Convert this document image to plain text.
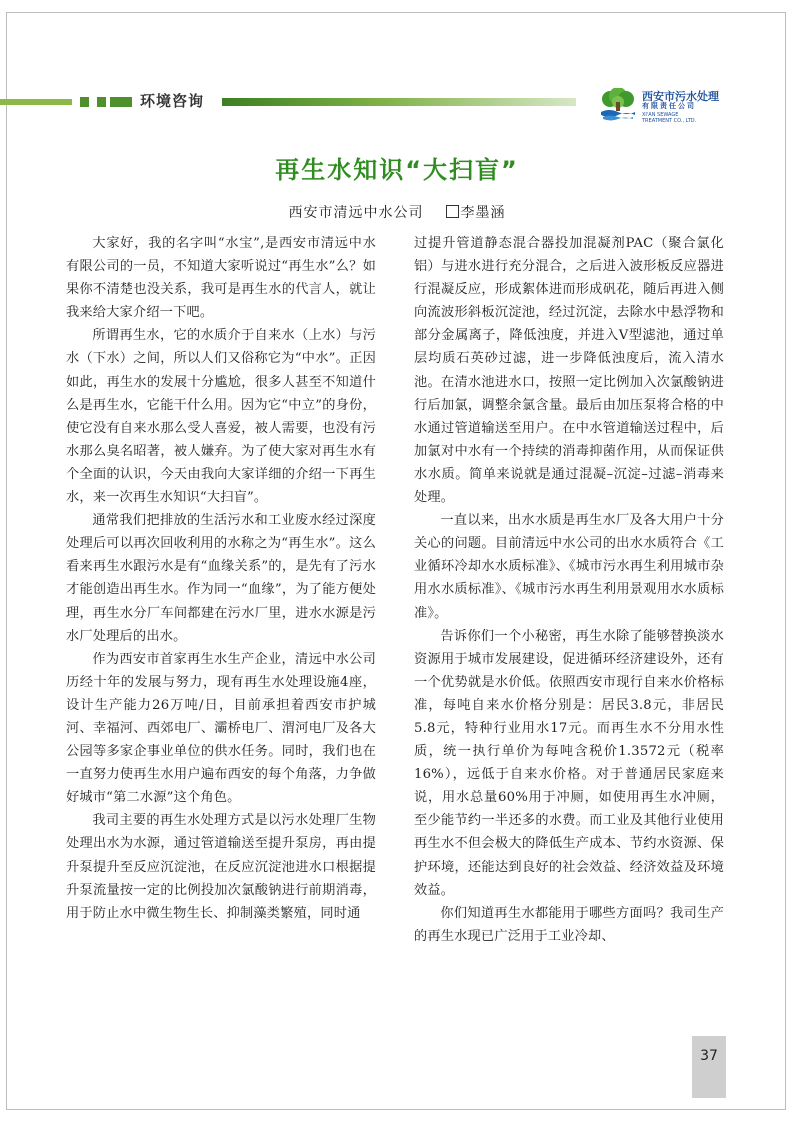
环境咨询	西安市污水处理
有限责任公司
XI'AN SEWAGE
TREATMENT CO., LTD.
再生水知识“大扫盲”
西安市清远中水公司	李墨涵

大家好，我的名字叫“水宝”,是西安市清远中水有限公司的一员，不知道大家听说过“再生水”么？如果你不清楚也没关系，我可是再生水的代言人，就让我来给大家介绍一下吧。

所谓再生水，它的水质介于自来水（上水）与污水（下水）之间，所以人们又俗称它为“中水”。正因如此，再生水的发展十分尴尬，很多人甚至不知道什么是再生水，它能干什么用。因为它“中立”的身份，使它没有自来水那么受人喜爱，被人需要，也没有污水那么臭名昭著，被人嫌弃。为了使大家对再生水有个全面的认识，今天由我向大家详细的介绍一下再生水，来一次再生水知识“大扫盲”。

通常我们把排放的生活污水和工业废水经过深度处理后可以再次回收利用的水称之为“再生水”。这么看来再生水跟污水是有“血缘关系”的，是先有了污水才能创造出再生水。作为同一“血缘”，为了能方便处理，再生水分厂车间都建在污水厂里，进水水源是污水厂处理后的出水。

作为西安市首家再生水生产企业，清远中水公司历经十年的发展与努力，现有再生水处理设施4座，设计生产能力26万吨/日，目前承担着西安市护城河、幸福河、西郊电厂、灞桥电厂、渭河电厂及各大公园等多家企事业单位的供水任务。同时，我们也在一直努力使再生水用户遍布西安的每个角落，力争做好城市“第二水源”这个角色。

我司主要的再生水处理方式是以污水处理厂生物处理出水为水源，通过管道输送至提升泵房，再由提升泵提升至反应沉淀池，在反应沉淀池进水口根据提升泵流量按一定的比例投加次氯酸钠进行前期消毒，用于防止水中微生物生长、抑制藻类繁殖，同时通

过提升管道静态混合器投加混凝剂PAC（聚合氯化铝）与进水进行充分混合，之后进入波形板反应器进行混凝反应，形成絮体进而形成矾花，随后再进入侧向流波形斜板沉淀池，经过沉淀，去除水中悬浮物和部分金属离子，降低浊度，并进入V型滤池，通过单层均质石英砂过滤，进一步降低浊度后，流入清水池。在清水池进水口，按照一定比例加入次氯酸钠进行后加氯，调整余氯含量。最后由加压泵将合格的中水通过管道输送至用户。在中水管道输送过程中，后加氯对中水有一个持续的消毒抑菌作用，从而保证供水水质。简单来说就是通过混凝–沉淀–过滤–消毒来处理。

一直以来，出水水质是再生水厂及各大用户十分关心的问题。目前清远中水公司的出水水质符合《工业循环冷却水水质标准》、《城市污水再生利用城市杂用水水质标准》、《城市污水再生利用景观用水水质标准》。

告诉你们一个小秘密，再生水除了能够替换淡水资源用于城市发展建设，促进循环经济建设外，还有一个优势就是水价低。依照西安市现行自来水价格标准，每吨自来水价格分别是：居民3.8元，非居民5.8元，特种行业用水17元。而再生水不分用水性质，统一执行单价为每吨含税价1.3572元（税率16%），远低于自来水价格。对于普通居民家庭来说，用水总量60%用于冲厕，如使用再生水冲厕，至少能节约一半还多的水费。而工业及其他行业使用再生水不但会极大的降低生产成本、节约水资源、保护环境，还能达到良好的社会效益、经济效益及环境效益。

你们知道再生水都能用于哪些方面吗？我司生产的再生水现已广泛用于工业冷却、

37
